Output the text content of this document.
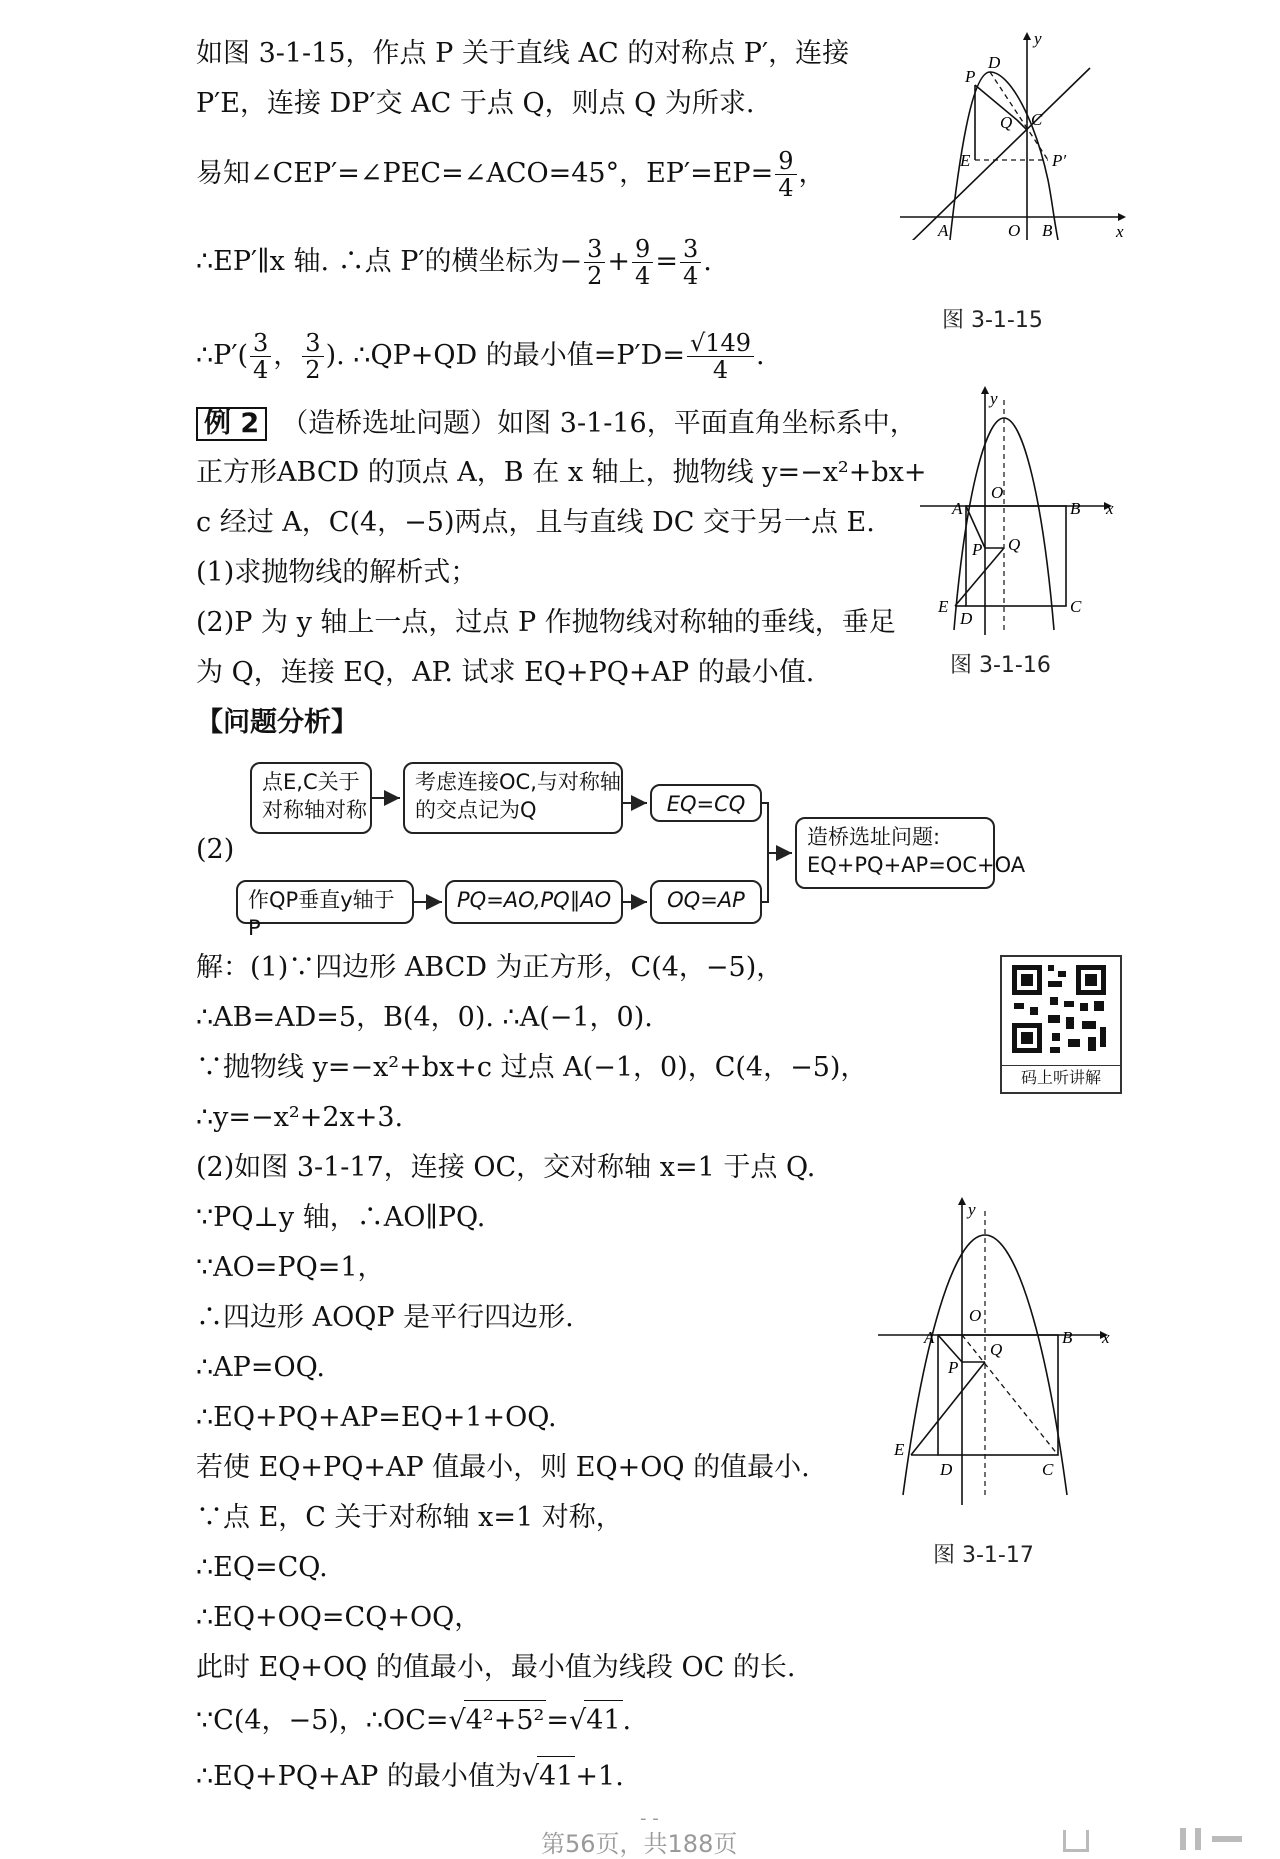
如图 3-1-15，作点 P 关于直线 AC 的对称点 P′，连接
P′E，连接 DP′交 AC 于点 Q，则点 Q 为所求.
易知∠CEP′=∠PEC=∠ACO=45°，$EP'=EP= \frac{9}{4}$ ，
∴EP′∥x 轴. ∴点 P′的横坐标为− $\frac{3}{2} + \frac{9}{4} = \frac{3}{4}$ .
∴P′( $\frac{3}{4}$ ， $\frac{3}{2}$ ). ∴QP+QD 的最小值$=P'D= \frac{√149}{4}$ .
例 2 （造桥选址问题）如图 3-1-16，平面直角坐标系中，
正方形ABCD 的顶点 A，B 在 x 轴上，抛物线 y=−x²+bx+
c 经过 A，C(4，−5)两点，且与直线 DC 交于另一点 E.
(1)求抛物线的解析式；
(2)P 为 y 轴上一点，过点 P 作抛物线对称轴的垂线，垂足
为 Q，连接 EQ，AP. 试求 EQ+PQ+AP 的最小值.
【问题分析】
(2)
点E,C关于
对称轴对称
考虑连接OC,与对称轴
的交点记为Q	EQ=CQ
造桥选址问题:
EQ+PQ+AP=OC+OA
作QP垂直y轴于P
PQ=AO,PQ∥AO	OQ=AP
解：(1)∵四边形 ABCD 为正方形，C(4，−5)，
∴AB=AD=5，B(4，0). ∴A(−1，0).
∵抛物线 y=−x²+bx+c 过点 A(−1，0)，C(4，−5)，
∴y=−x²+2x+3.
(2)如图 3-1-17，连接 OC，交对称轴 x=1 于点 Q.
∵PQ⊥y 轴，∴AO∥PQ.
∵AO=PQ=1，
∴四边形 AOQP 是平行四边形.
∴AP=OQ.
∴EQ+PQ+AP=EQ+1+OQ.
若使 EQ+PQ+AP 值最小，则 EQ+OQ 的值最小.
∵点 E，C 关于对称轴 x=1 对称，
∴EQ=CQ.
∴EQ+OQ=CQ+OQ，
此时 EQ+OQ 的值最小，最小值为线段 OC 的长.
∵C(4，−5)，∴OC=√4²+5²=√41.
∴EQ+PQ+AP 的最小值为√41+1.
码上听讲解
P
D
Q C
E	P′
A	O B	x
y
图 3-1-15
y
O
A	B x
P Q
E
D
C
图 3-1-16
y
O
A	B x
Q
P
E
D	C
图 3-1-17
- -
第56页，共188页
